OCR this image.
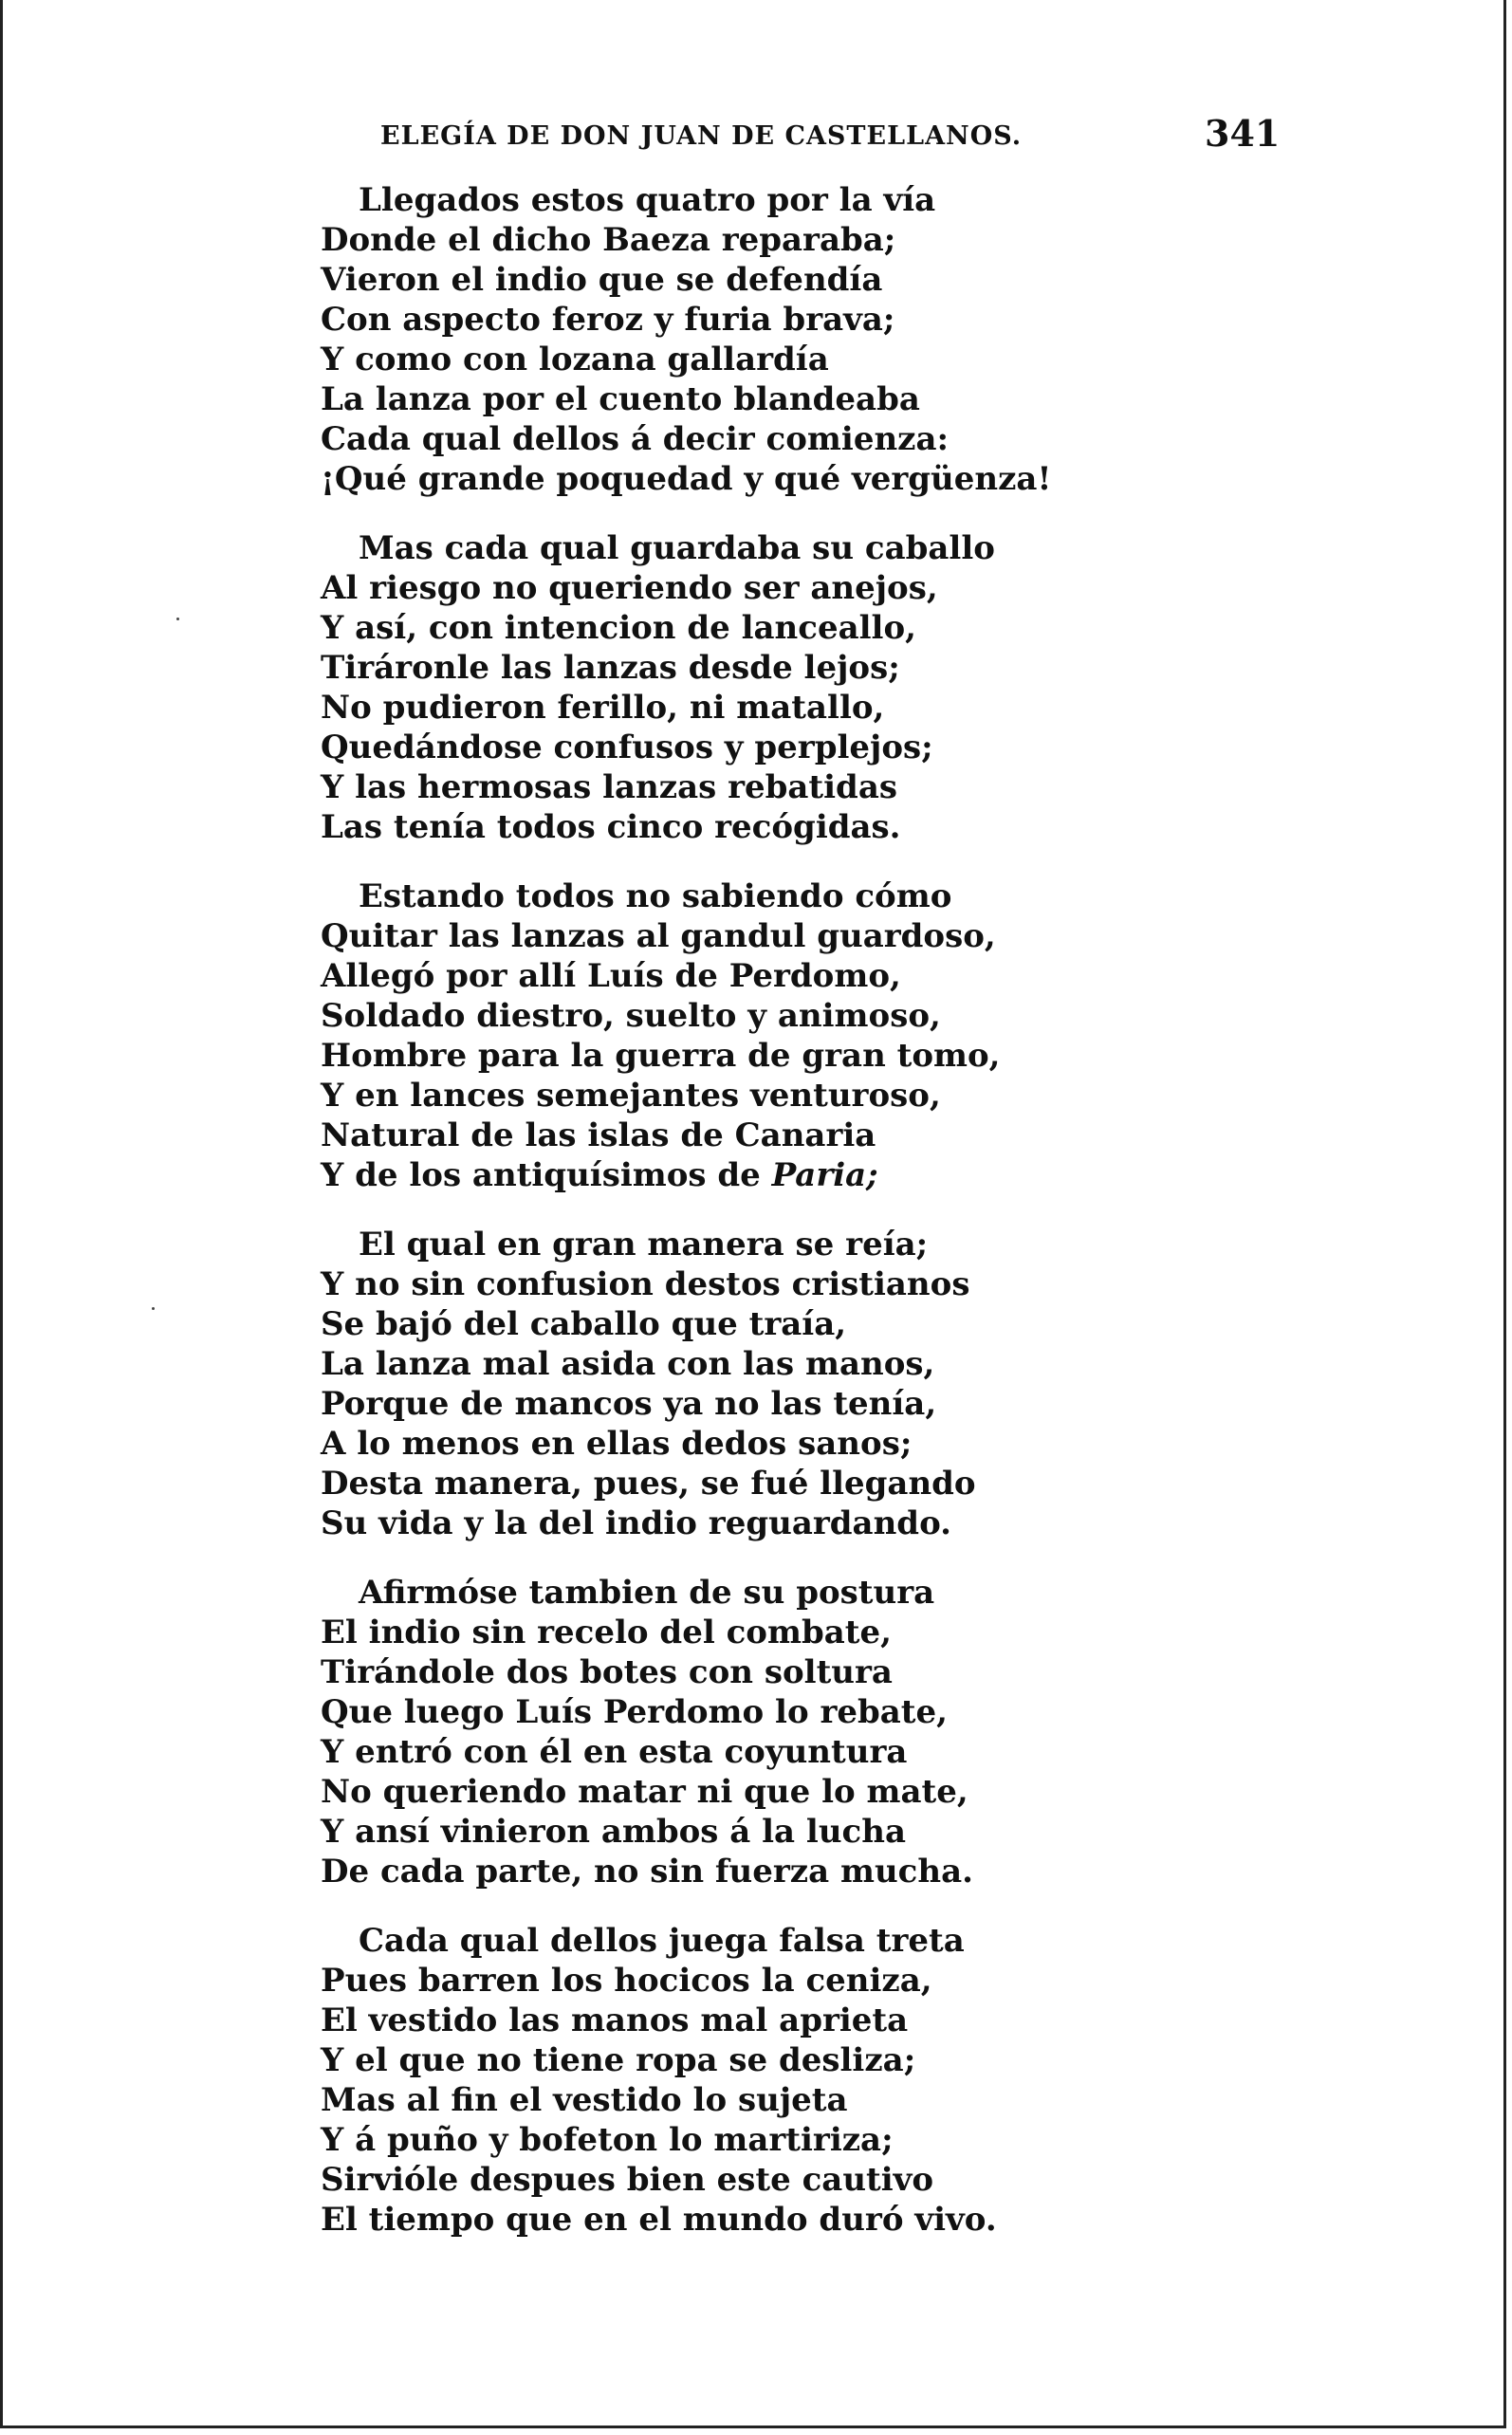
ELEGÍA DE DON JUAN DE CASTELLANOS.	341
Llegados estos quatro por la vía
Donde el dicho Baeza reparaba;
Vieron el indio que se defendía
Con aspecto feroz y furia brava;
Y como con lozana gallardía
La lanza por el cuento blandeaba
Cada qual dellos á decir comienza:
¡Qué grande poquedad y qué vergüenza!
Mas cada qual guardaba su caballo
Al riesgo no queriendo ser anejos,
Y así, con intencion de lanceallo,
Tiráronle las lanzas desde lejos;
No pudieron ferillo, ni matallo,
Quedándose confusos y perplejos;
Y las hermosas lanzas rebatidas
Las tenía todos cinco recógidas.
Estando todos no sabiendo cómo
Quitar las lanzas al gandul guardoso,
Allegó por allí Luís de Perdomo,
Soldado diestro, suelto y animoso,
Hombre para la guerra de gran tomo,
Y en lances semejantes venturoso,
Natural de las islas de Canaria
Y de los antiquísimos de Paria;
El qual en gran manera se reía;
Y no sin confusion destos cristianos
Se bajó del caballo que traía,
La lanza mal asida con las manos,
Porque de mancos ya no las tenía,
A lo menos en ellas dedos sanos;
Desta manera, pues, se fué llegando
Su vida y la del indio reguardando.
Afirmóse tambien de su postura
El indio sin recelo del combate,
Tirándole dos botes con soltura
Que luego Luís Perdomo lo rebate,
Y entró con él en esta coyuntura
No queriendo matar ni que lo mate,
Y ansí vinieron ambos á la lucha
De cada parte, no sin fuerza mucha.
Cada qual dellos juega falsa treta
Pues barren los hocicos la ceniza,
El vestido las manos mal aprieta
Y el que no tiene ropa se desliza;
Mas al fin el vestido lo sujeta
Y á puño y bofeton lo martiriza;
Sirvióle despues bien este cautivo
El tiempo que en el mundo duró vivo.
